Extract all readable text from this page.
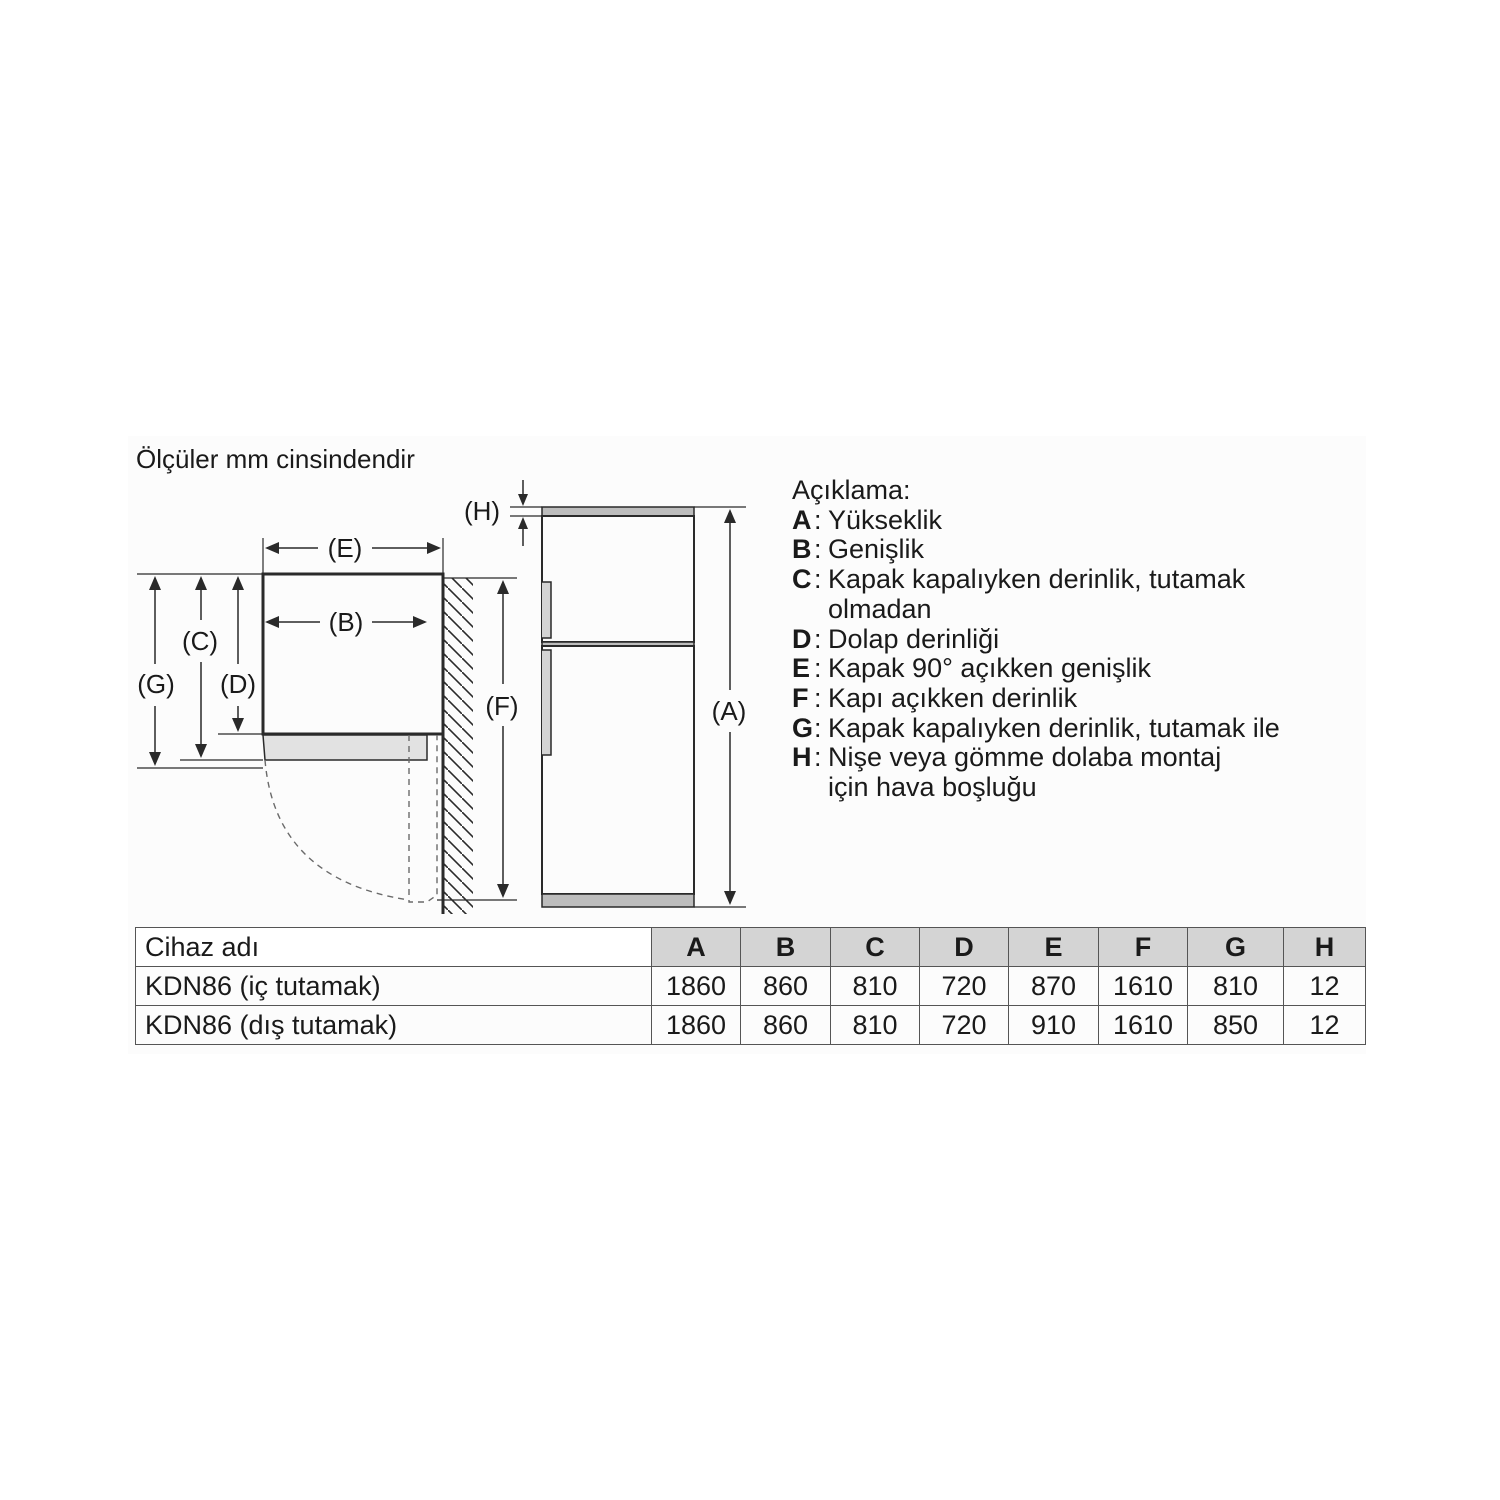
Ölçüler mm cinsindendir
(E)
(B)
(G)
(C)
(D)
(F)
(H)
(A)
Açıklama:
A : Yükseklik
B : Genişlik
C : Kapak kapalıyken derinlik, tutamak olmadan
D : Dolap derinliği
E : Kapak 90° açıkken genişlik
F : Kapı açıkken derinlik
G : Kapak kapalıyken derinlik, tutamak ile
H : Nişe veya gömme dolaba montaj için hava boşluğu
Cihaz adı	A	B	C	D	E	F	G	H
KDN86 (iç tutamak)	1860	860	810	720	870	1610	810	12
KDN86 (dış tutamak)	1860	860	810	720	910	1610	850	12
